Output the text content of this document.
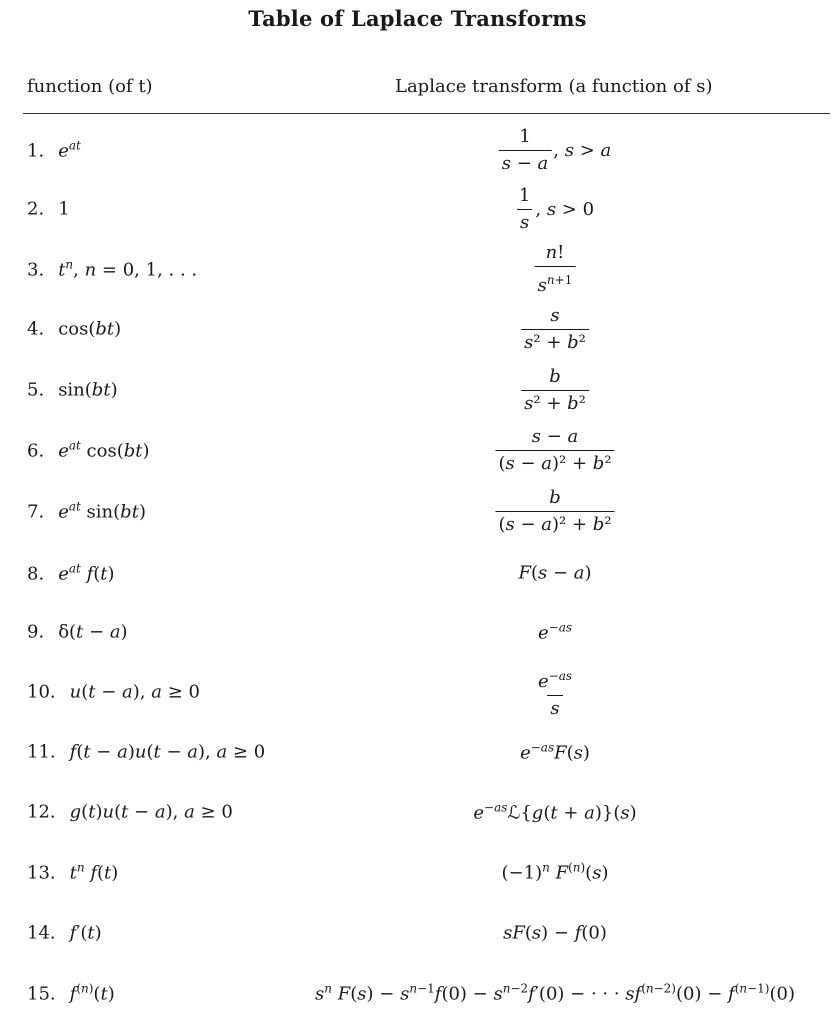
Table of Laplace Transforms
function (of t)	Laplace transform (a function of s)
1. $e^{at}$	$\frac{1}{s - a}$ , s > a
2. 1	$\frac{1}{s}$ , s > 0
3. $t^n$, n = 0, 1, . . .	$\frac{n!}{s^{n+1}}$
4. cos(bt)	$\frac{s}{\text{s² + b²}}$
5. sin(bt)	$\frac{b}{\text{s² + b²}}$
6. $e^{at}$ cos(bt)	$\frac{s - a}{\text{(s − a)² + b²}}$
7. $e^{at}$ sin(bt)	$\frac{b}{\text{(s − a)² + b²}}$
8. $e^{at}$ f(t)	F(s − a)
9. δ(t − a)	$e^{-as}$
10. u(t − a), a ≥ 0	$\frac{e^{-as}}{s}$
11. f(t − a)u(t − a), a ≥ 0	$e^{-as}F(s)$
12. g(t)u(t − a), a ≥ 0	$e^{-as}ℒ\{g(t + a)\}(s)$
13. $t^n$ f(t)	$(-1)^n$ $F^{(n)}(s)$
14. f′(t)	sF(s) − f(0)
15. $f^{(n)}(t)$	$s^n$ $F(s) - s^{n-1}f(0) - s^{n-2}f'(0)$ − · · · $sf^{(n-2)}(0) - f^{(n-1)}(0)$
